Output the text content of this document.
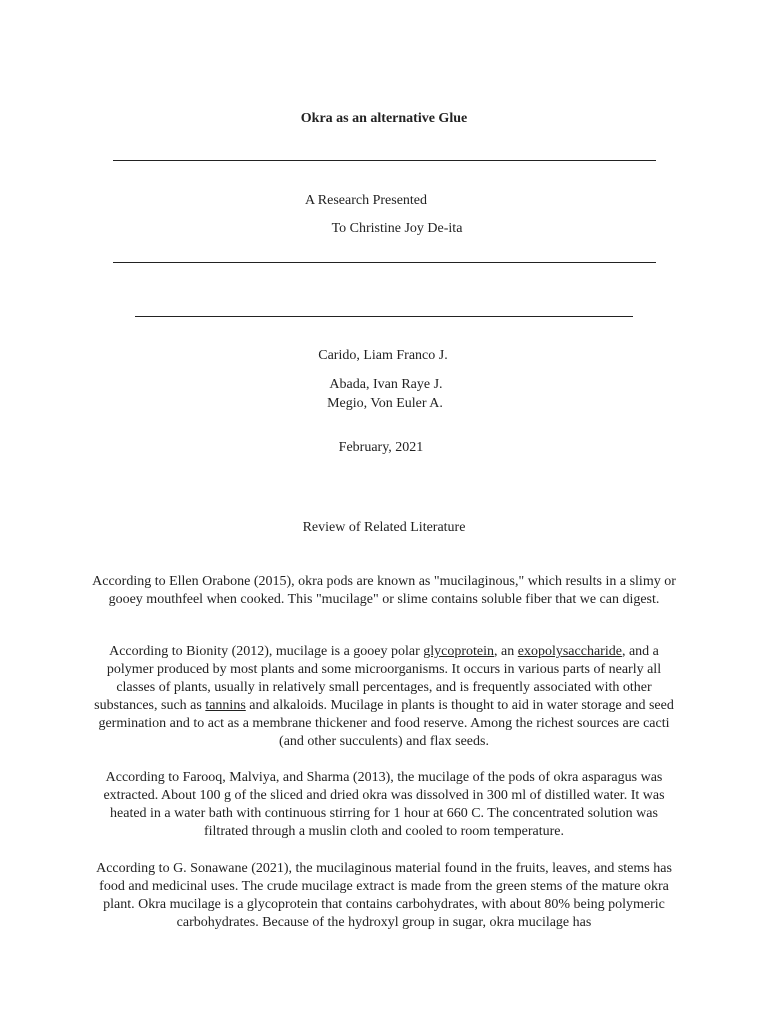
Okra as an alternative Glue
A Research Presented
To Christine Joy De-ita
Carido, Liam Franco J.
Abada, Ivan Raye J.
Megio, Von Euler A.
February, 2021
Review of Related Literature

According to Ellen Orabone (2015), okra pods are known as "mucilaginous," which results in a slimy or gooey mouthfeel when cooked. This "mucilage" or slime contains soluble fiber that we can digest.

According to Bionity (2012), mucilage is a gooey polar glycoprotein, an exopolysaccharide, and a polymer produced by most plants and some microorganisms. It occurs in various parts of nearly all classes of plants, usually in relatively small percentages, and is frequently associated with other substances, such as tannins and alkaloids. Mucilage in plants is thought to aid in water storage and seed germination and to act as a membrane thickener and food reserve. Among the richest sources are cacti (and other succulents) and flax seeds.

According to Farooq, Malviya, and Sharma (2013), the mucilage of the pods of okra asparagus was extracted. About 100 g of the sliced and dried okra was dissolved in 300 ml of distilled water. It was heated in a water bath with continuous stirring for 1 hour at 660 C. The concentrated solution was filtrated through a muslin cloth and cooled to room temperature.

According to G. Sonawane (2021), the mucilaginous material found in the fruits, leaves, and stems has food and medicinal uses. The crude mucilage extract is made from the green stems of the mature okra plant. Okra mucilage is a glycoprotein that contains carbohydrates, with about 80% being polymeric carbohydrates. Because of the hydroxyl group in sugar, okra mucilage has
